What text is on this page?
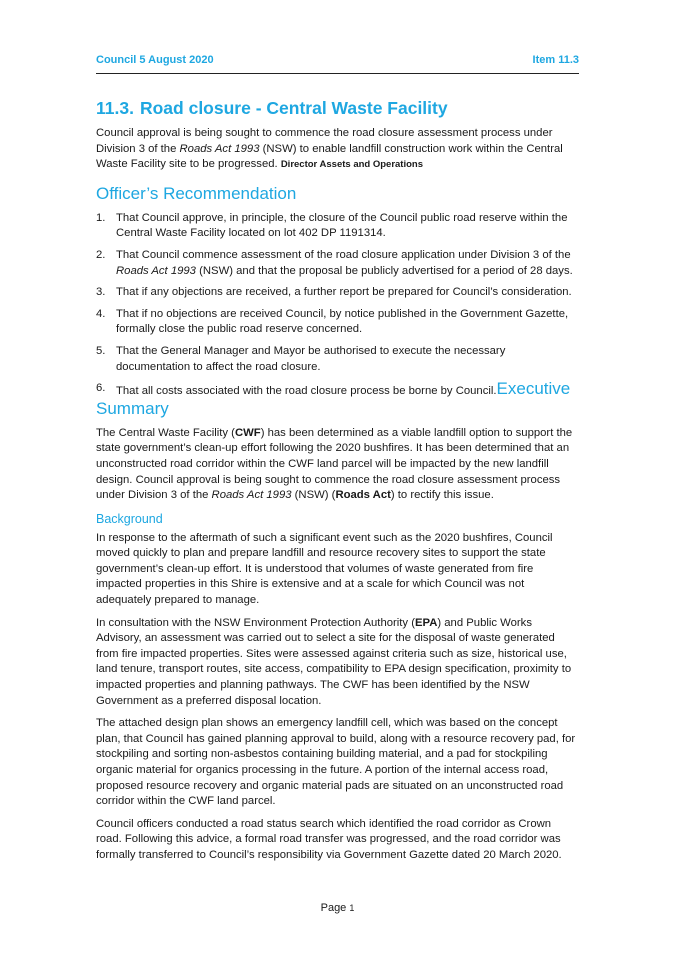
Council 5 August 2020	Item 11.3
11.3. Road closure - Central Waste Facility

Council approval is being sought to commence the road closure assessment process under Division 3 of the Roads Act 1993 (NSW) to enable landfill construction work within the Central Waste Facility site to be progressed. Director Assets and Operations

Officer’s Recommendation
1. That Council approve, in principle, the closure of the Council public road reserve within the Central Waste Facility located on lot 402 DP 1191314.
2. That Council commence assessment of the road closure application under Division 3 of the Roads Act 1993 (NSW) and that the proposal be publicly advertised for a period of 28 days.
3. That if any objections are received, a further report be prepared for Council’s consideration.
4. That if no objections are received Council, by notice published in the Government Gazette, formally close the public road reserve concerned.
5. That the General Manager and Mayor be authorised to execute the necessary documentation to affect the road closure.
6. That all costs associated with the road closure process be borne by Council.Executive
Summary

The Central Waste Facility (CWF) has been determined as a viable landfill option to support the state government’s clean-up effort following the 2020 bushfires. It has been determined that an unconstructed road corridor within the CWF land parcel will be impacted by the new landfill design. Council approval is being sought to commence the road closure assessment process under Division 3 of the Roads Act 1993 (NSW) (Roads Act) to rectify this issue.

Background

In response to the aftermath of such a significant event such as the 2020 bushfires, Council moved quickly to plan and prepare landfill and resource recovery sites to support the state government’s clean-up effort. It is understood that volumes of waste generated from fire impacted properties in this Shire is extensive and at a scale for which Council was not adequately prepared to manage.

In consultation with the NSW Environment Protection Authority (EPA) and Public Works Advisory, an assessment was carried out to select a site for the disposal of waste generated from fire impacted properties. Sites were assessed against criteria such as size, historical use, land tenure, transport routes, site access, compatibility to EPA design specification, proximity to impacted properties and planning pathways. The CWF has been identified by the NSW Government as a preferred disposal location.

The attached design plan shows an emergency landfill cell, which was based on the concept plan, that Council has gained planning approval to build, along with a resource recovery pad, for stockpiling and sorting non-asbestos containing building material, and a pad for stockpiling organic material for organics processing in the future. A portion of the internal access road, proposed resource recovery and organic material pads are situated on an unconstructed road corridor within the CWF land parcel.

Council officers conducted a road status search which identified the road corridor as Crown road. Following this advice, a formal road transfer was progressed, and the road corridor was formally transferred to Council’s responsibility via Government Gazette dated 20 March 2020.

Page 1
